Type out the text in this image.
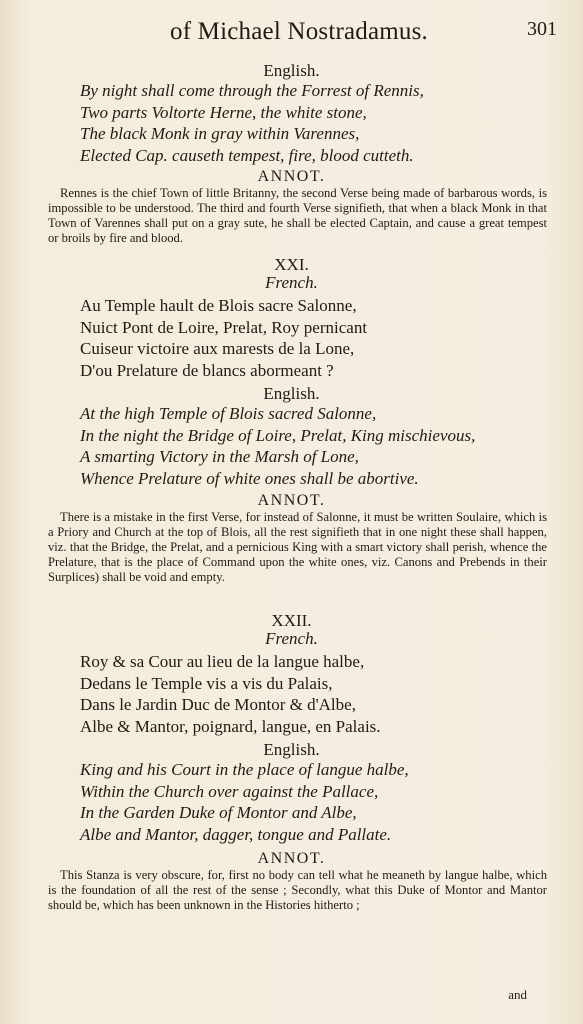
of Michael Nostradamus.	301

English.

By night shall come through the Forrest of Rennis,
Two parts Voltorte Herne, the white stone,
The black Monk in gray within Varennes,
Elected Cap. causeth tempest, fire, blood cutteth.

ANNOT.

Rennes is the chief Town of little Britanny, the second Verse being made of barbarous words, is impossible to be understood. The third and fourth Verse signifieth, that when a black Monk in that Town of Varennes shall put on a gray sute, he shall be elected Captain, and cause a great tempest or broils by fire and blood.

XXI.

French.

Au Temple hault de Blois sacre Salonne,
Nuict Pont de Loire, Prelat, Roy pernicant
Cuiseur victoire aux marests de la Lone,
D'ou Prelature de blancs abormeant ?

English.

At the high Temple of Blois sacred Salonne,
In the night the Bridge of Loire, Prelat, King mischievous,
A smarting Victory in the Marsh of Lone,
Whence Prelature of white ones shall be abortive.

ANNOT.

There is a mistake in the first Verse, for instead of Salonne, it must be written Soulaire, which is a Priory and Church at the top of Blois, all the rest signifieth that in one night these shall happen, viz. that the Bridge, the Prelat, and a pernicious King with a smart victory shall perish, whence the Prelature, that is the place of Command upon the white ones, viz. Canons and Prebends in their Surplices) shall be void and empty.

XXII.

French.

Roy & sa Cour au lieu de la langue halbe,
Dedans le Temple vis a vis du Palais,
Dans le Jardin Duc de Montor & d'Albe,
Albe & Mantor, poignard, langue, en Palais.

English.

King and his Court in the place of langue halbe,
Within the Church over against the Pallace,
In the Garden Duke of Montor and Albe,
Albe and Mantor, dagger, tongue and Pallate.

ANNOT.

This Stanza is very obscure, for, first no body can tell what he meaneth by langue halbe, which is the foundation of all the rest of the sense ; Secondly, what this Duke of Montor and Mantor should be, which has been unknown in the Histories hitherto ;

and
